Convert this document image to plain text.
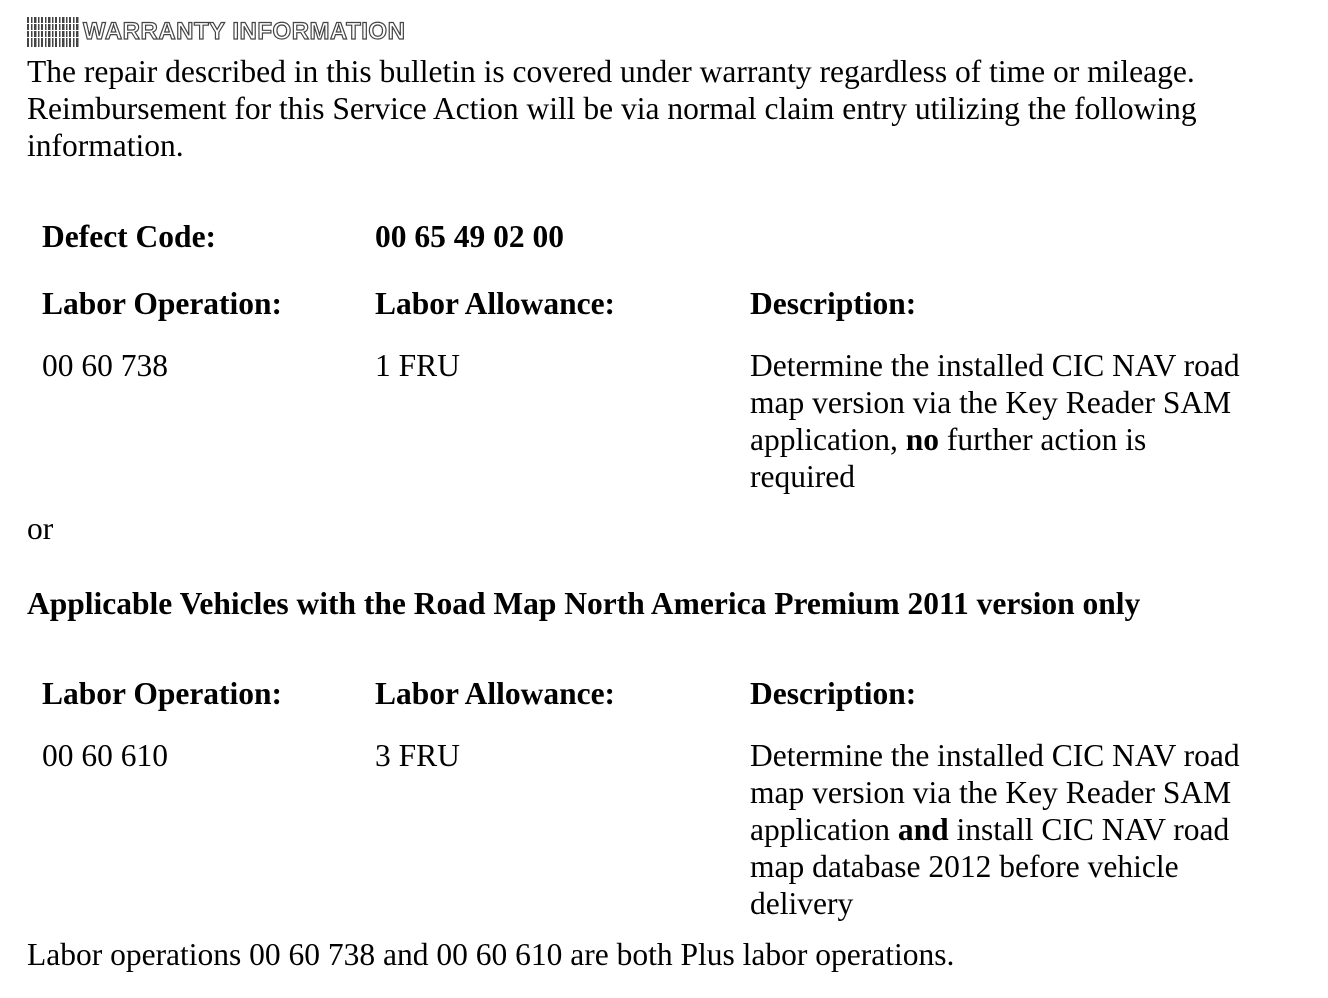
WARRANTY INFORMATION
The repair described in this bulletin is covered under warranty regardless of time or mileage.
Reimbursement for this Service Action will be via normal claim entry utilizing the following
information.
Defect Code:	00 65 49 02 00
Labor Operation:	Labor Allowance:	Description:
00 60 738	1 FRU	Determine the installed CIC NAV road
map version via the Key Reader SAM
application, no further action is
required
or
Applicable Vehicles with the Road Map North America Premium 2011 version only
Labor Operation:	Labor Allowance:	Description:
00 60 610	3 FRU	Determine the installed CIC NAV road
map version via the Key Reader SAM
application and install CIC NAV road
map database 2012 before vehicle
delivery
Labor operations 00 60 738 and 00 60 610 are both Plus labor operations.
